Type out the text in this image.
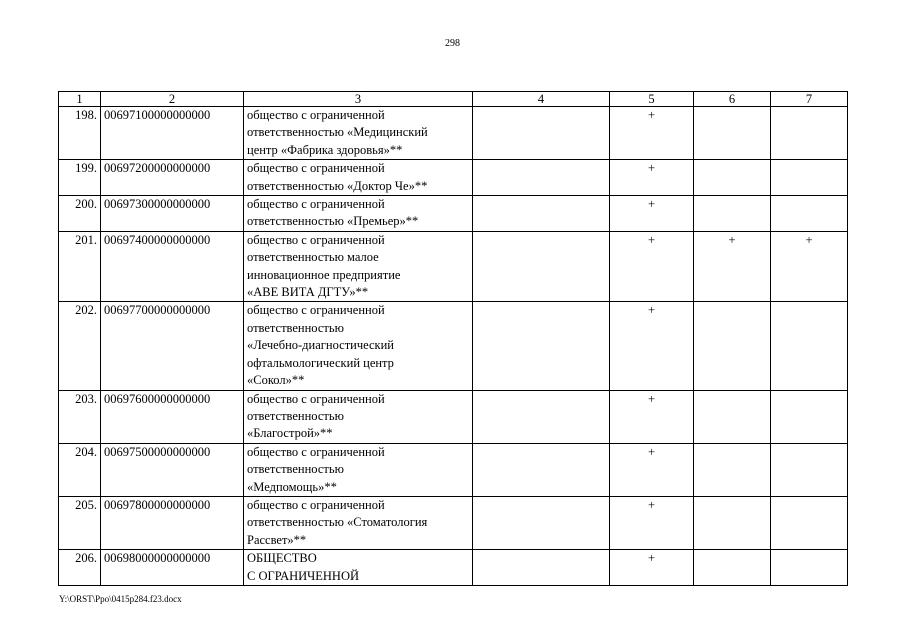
298
1	2	3	4	5	6	7
198.	00697100000000000	общество с ограниченной
ответственностью «Медицинский
центр «Фабрика здоровья»**		+		
199.	00697200000000000	общество с ограниченной
ответственностью «Доктор Че»**		+		
200.	00697300000000000	общество с ограниченной
ответственностью «Премьер»**		+		
201.	00697400000000000	общество с ограниченной
ответственностью малое
инновационное предприятие
«АВЕ ВИТА ДГТУ»**		+	+	+
202.	00697700000000000	общество с ограниченной
ответственностью
«Лечебно-диагностический
офтальмологический центр
«Сокол»**		+		
203.	00697600000000000	общество с ограниченной
ответственностью
«Благострой»**		+		
204.	00697500000000000	общество с ограниченной
ответственностью
«Медпомощь»**		+		
205.	00697800000000000	общество с ограниченной
ответственностью «Стоматология
Рассвет»**		+		
206.	00698000000000000	ОБЩЕСТВО
С ОГРАНИЧЕННОЙ		+		
Y:\ORST\Ppo\0415p284.f23.docx
